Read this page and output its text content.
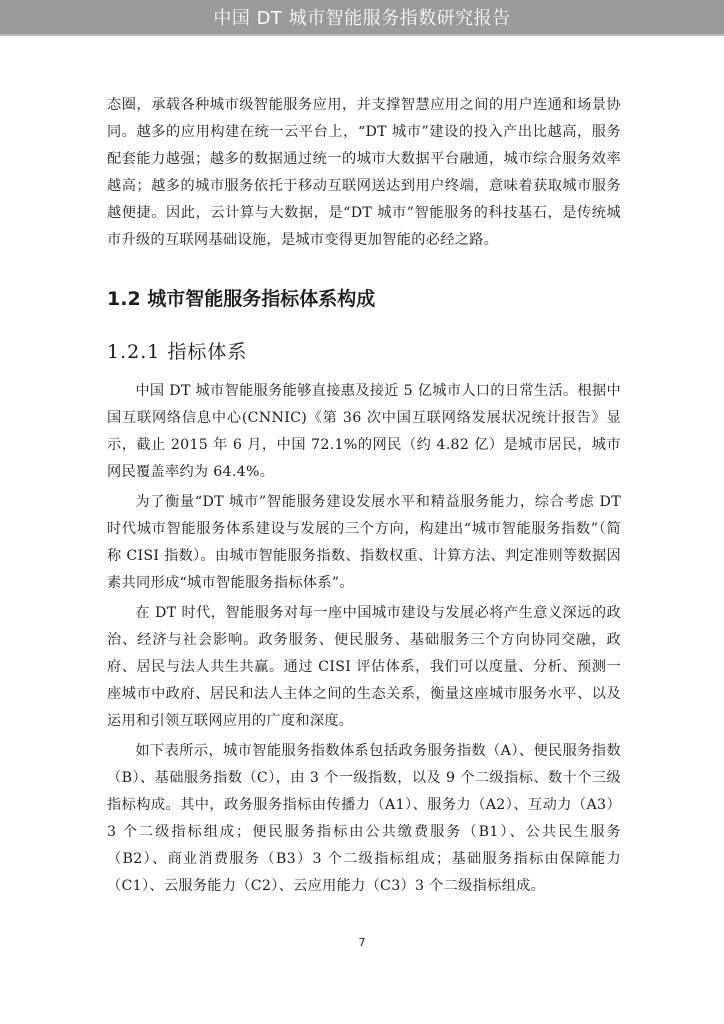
中国 DT 城市智能服务指数研究报告

态圈，承载各种城市级智能服务应用，并支撑智慧应用之间的用户连通和场景协同。越多的应用构建在统一云平台上，“DT 城市”建设的投入产出比越高，服务配套能力越强；越多的数据通过统一的城市大数据平台融通，城市综合服务效率越高；越多的城市服务依托于移动互联网送达到用户终端，意味着获取城市服务越便捷。因此，云计算与大数据，是“DT 城市”智能服务的科技基石，是传统城市升级的互联网基础设施，是城市变得更加智能的必经之路。

1.2 城市智能服务指标体系构成
1.2.1 指标体系

中国 DT 城市智能服务能够直接惠及接近 5 亿城市人口的日常生活。根据中国互联网络信息中心(CNNIC)《第 36 次中国互联网络发展状况统计报告》显示，截止 2015 年 6 月，中国 72.1%的网民（约 4.82 亿）是城市居民，城市网民覆盖率约为 64.4%。

为了衡量“DT 城市”智能服务建设发展水平和精益服务能力，综合考虑 DT 时代城市智能服务体系建设与发展的三个方向，构建出“城市智能服务指数”（简称 CISI 指数）。由城市智能服务指数、指数权重、计算方法、判定准则等数据因素共同形成“城市智能服务指标体系”。

在 DT 时代，智能服务对每一座中国城市建设与发展必将产生意义深远的政治、经济与社会影响。政务服务、便民服务、基础服务三个方向协同交融，政府、居民与法人共生共赢。通过 CISI 评估体系，我们可以度量、分析、预测一座城市中政府、居民和法人主体之间的生态关系，衡量这座城市服务水平、以及运用和引领互联网应用的广度和深度。

如下表所示，城市智能服务指数体系包括政务服务指数（A）、便民服务指数（B）、基础服务指数（C），由 3 个一级指数，以及 9 个二级指标、数十个三级指标构成。其中，政务服务指标由传播力（A1）、服务力（A2）、互动力（A3）3 个二级指标组成；便民服务指标由公共缴费服务（B1）、公共民生服务（B2）、商业消费服务（B3）3 个二级指标组成；基础服务指标由保障能力（C1）、云服务能力（C2）、云应用能力（C3）3 个二级指标组成。

7
